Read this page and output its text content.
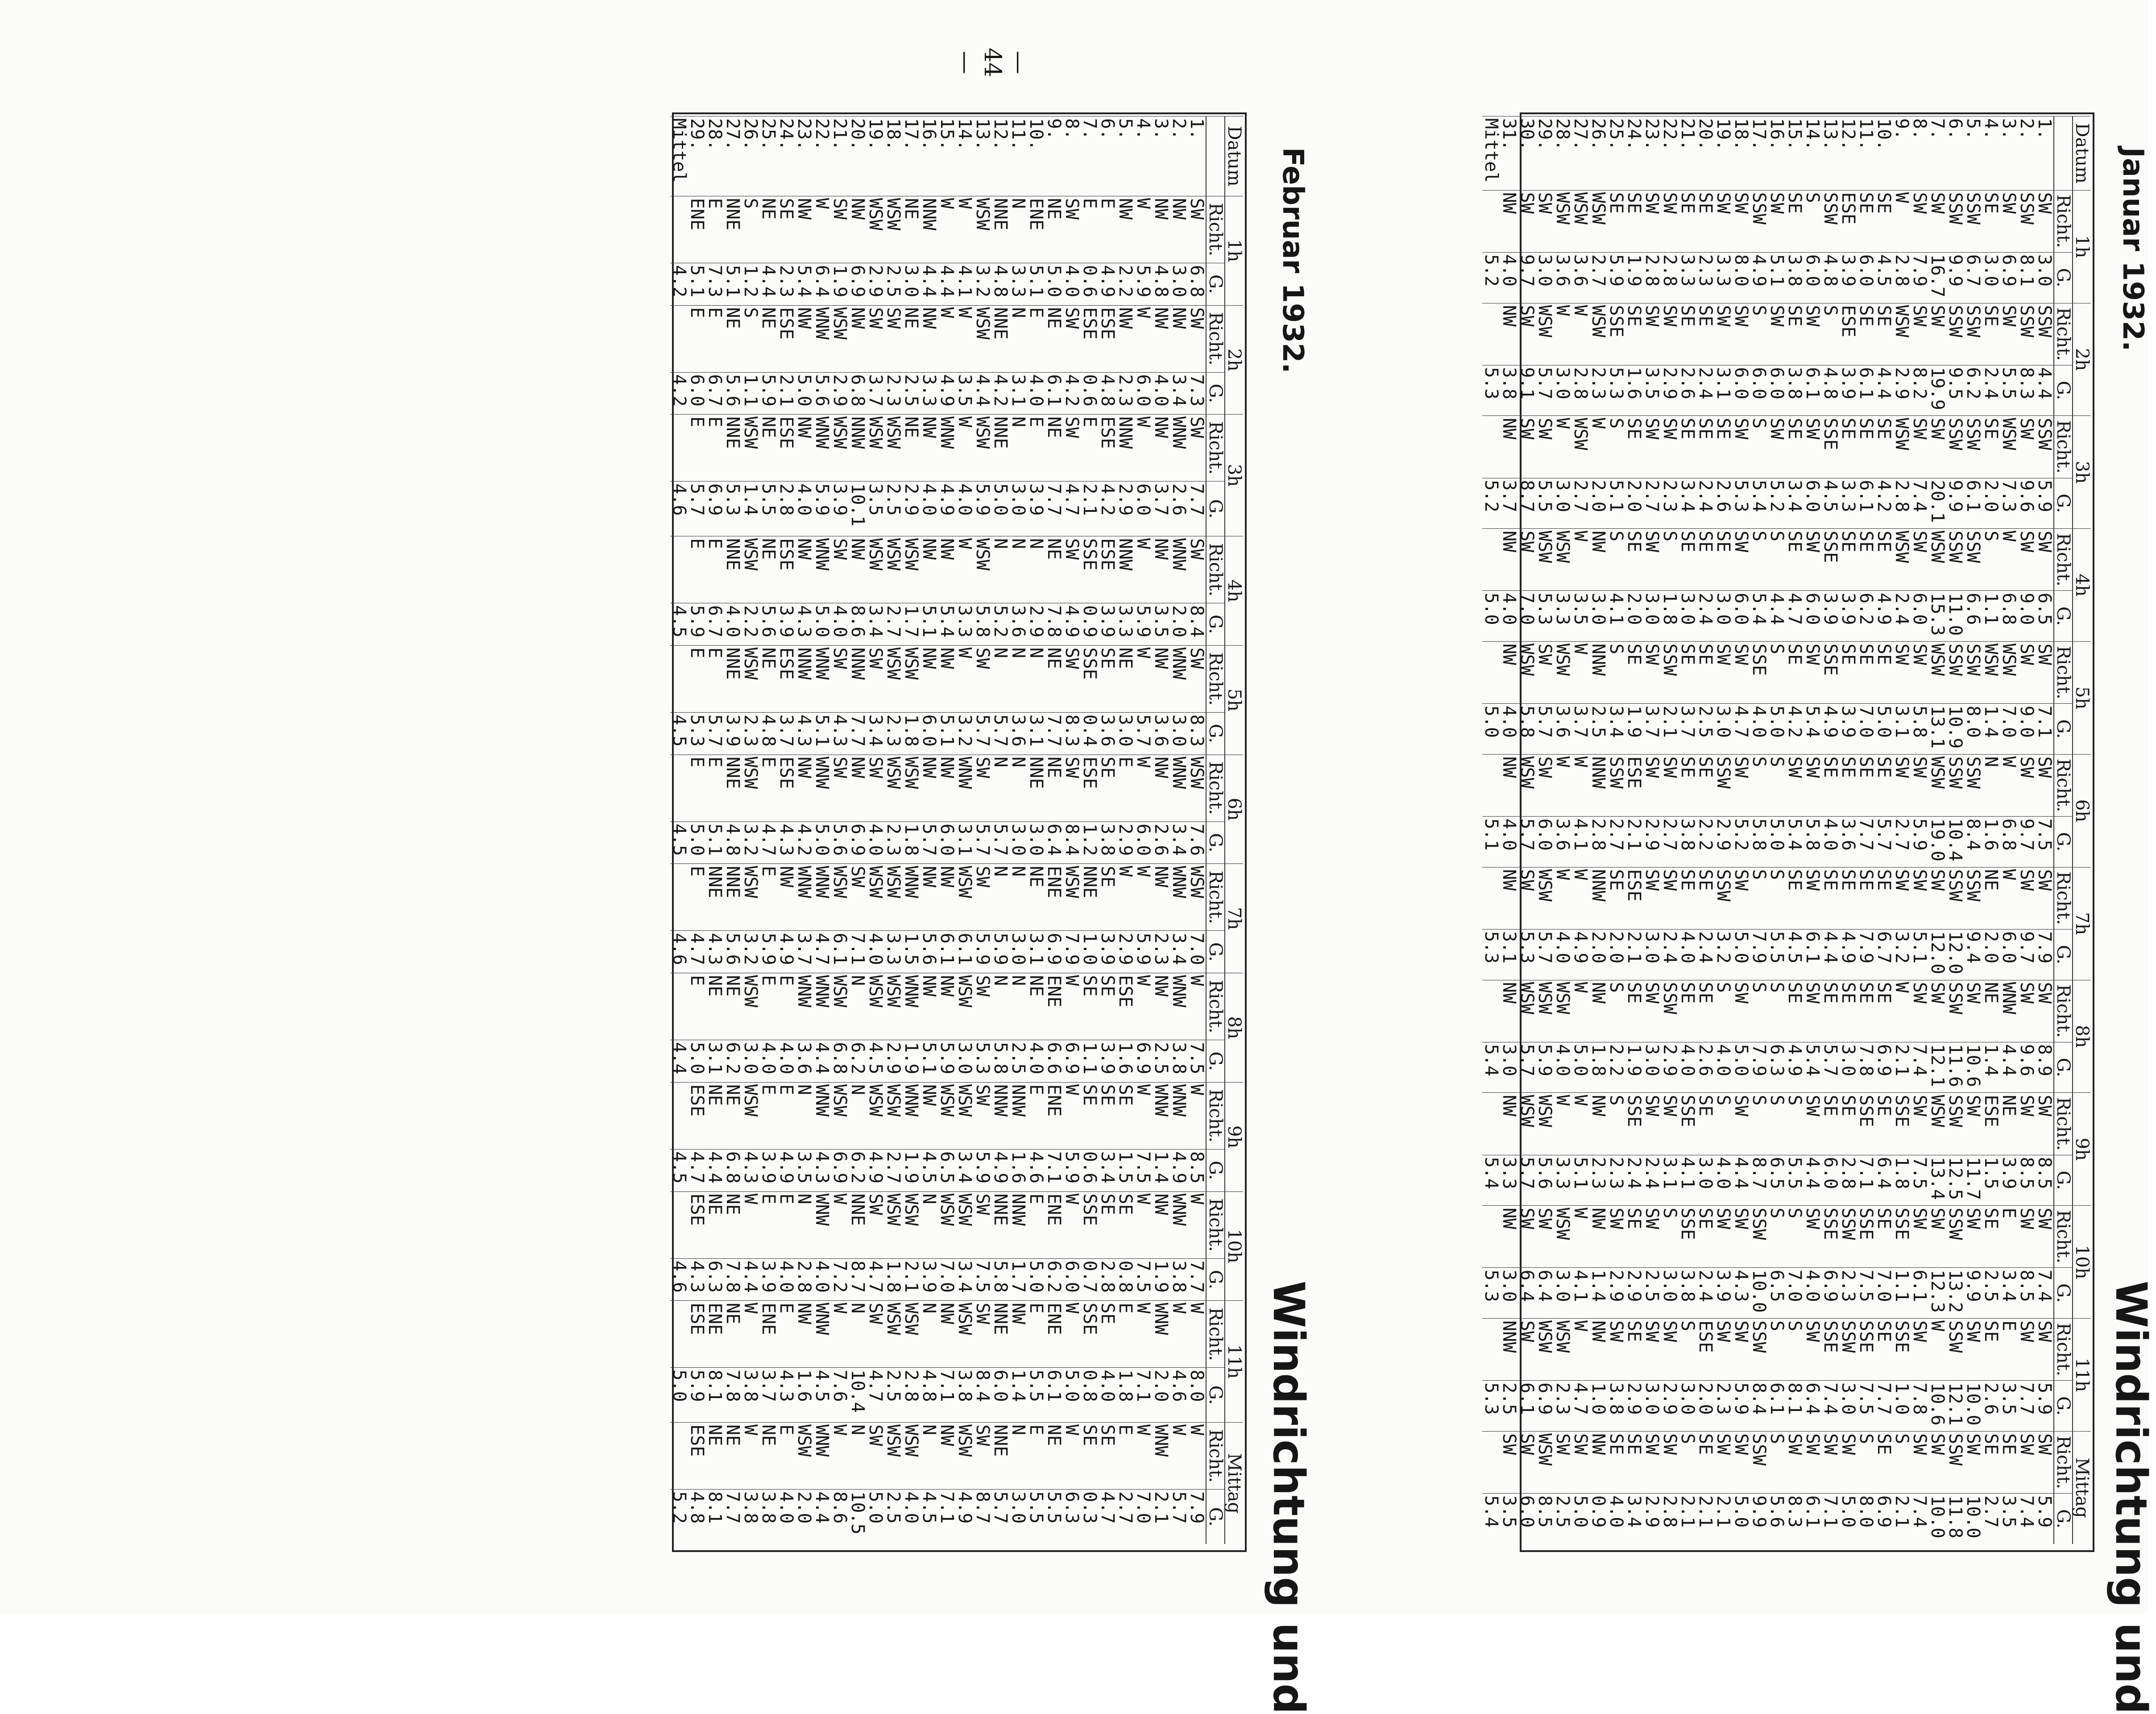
— 44 —
Januar 1932.
Windrichtung und
Datum	1h		2h		3h		4h		5h		6h		7h		8h		9h		10h		11h		Mittag	
	Richt.	G.	Richt.	G.	Richt.	G.	Richt.	G.	Richt.	G.	Richt.	G.	Richt.	G.	Richt.	G.	Richt.	G.	Richt.	G.	Richt.	G.	Richt.	G.
1.	SW	3.0	SSW	4.4	SSW	5.9	SW	6.5	SW	7.1	SW	7.5	SW	7.9	SW	8.9	SW	8.5	SW	7.4	SW	5.9	SW	5.9
2.	SSW	8.1	SSW	8.3	SW	9.6	SW	9.0	SW	9.0	SW	9.7	SW	9.7	SW	9.6	SW	8.5	SW	8.5	SW	7.7	SW	7.4
3.	SW	6.9	SW	5.5	WSW	7.3	W	6.8	WSW	7.0	W	6.8	W	6.0	WNW	4.4	NE	3.9	E	3.4	E	3.5	SE	3.5
4.	SE	3.0	SE	2.4	SE	2.0	S	1.1	WSW	1.4	N	1.6	NE	2.0	NE	1.4	ESE	1.5	SE	2.5	SE	2.6	SE	2.7
5.	SSW	6.7	SSW	6.2	SSW	6.1	SSW	6.6	SSW	8.0	SSW	8.4	SSW	9.4	SW	10.6	SW	11.7	SW	9.9	SW	10.0	SW	10.0
6.	SSW	9.9	SSW	9.5	SSW	9.9	SSW	11.0	SSW	10.9	SSW	10.4	SSW	12.0	SSW	11.6	SSW	12.5	SSW	13.2	SSW	12.1	SSW	11.8
7.	SW	16.7	SW	19.9	SW	20.1	WSW	15.3	WSW	13.1	WSW	19.0	SW	12.0	SW	12.1	WSW	13.4	SW	12.3	W	10.6	SW	10.0
8.	SW	7.9	SW	8.2	SW	7.4	SW	6.0	SW	5.8	SW	5.9	SW	5.1	SW	7.4	SW	7.5	SW	6.1	SW	7.8	SW	7.4
9.	W	2.8	WSW	2.9	WSW	2.8	WSW	2.4	SW	3.1	SW	2.7	SW	3.2	W	2.1	SSE	1.8	SSE	1.1	SSE	1.0	S	2.1
10.	SE	4.5	SE	4.4	SE	4.2	SE	4.9	SE	5.0	SE	5.7	SE	6.7	SE	6.9	SE	6.4	SE	7.0	SE	7.7	SE	6.9
11.	SE	6.0	SE	6.1	SE	6.1	SE	6.2	SE	7.0	SE	7.7	SE	7.9	SE	7.8	SSE	7.1	SSE	7.5	SSE	7.5	S	8.0
12.	ESE	3.9	ESE	3.9	SE	3.3	SE	3.9	SE	3.9	SE	3.6	SE	4.9	SE	3.0	SE	2.8	SSW	2.3	SSW	3.0	SW	5.0
13.	SSW	4.8	S	4.8	SSE	4.5	SSE	3.9	SSE	4.9	SE	4.0	SE	4.4	SE	5.7	SE	6.0	SSE	6.9	SSE	7.4	SW	7.1
14.	S	6.0	SW	6.1	SW	6.0	SW	6.0	SW	5.4	SW	5.8	SW	6.1	SW	5.4	SW	4.4	SW	4.0	SW	6.4	SW	6.1
15.	SE	3.8	SE	3.8	SE	3.4	SE	4.7	SE	4.2	SW	5.4	SE	4.5	SE	4.9	S	5.5	S	7.0	S	8.1	SW	8.3
16.	SW	5.1	SW	6.0	SW	5.2	S	4.4	S	5.0	S	5.0	S	5.5	S	6.3	S	6.5	S	6.5	S	6.1	S	5.6
17.	SSW	4.9	S	6.0	S	5.4	S	5.4	SSE	4.0	S	5.8	S	7.9	S	7.9	S	8.7	SSW	10.0	SSW	8.4	SSW	9.9
18.	SW	8.0	SW	6.0	SW	5.3	SW	6.0	SW	4.7	SW	5.2	SW	5.0	SW	5.0	SW	4.4	SW	4.3	SW	5.9	SW	5.0
19.	SW	3.3	SW	3.1	SE	2.6	SE	3.0	SW	3.0	SSW	2.9	SSW	3.2	S	4.0	S	4.0	SW	3.9	SW	2.3	SW	2.1
20.	SE	2.3	SE	2.4	SE	2.4	SE	2.4	SE	2.5	SE	2.2	SE	2.4	SE	2.6	SE	3.0	SE	2.4	ESE	2.0	SE	2.1
21.	SE	3.3	SE	2.6	SE	3.4	SE	3.0	SE	3.7	SE	3.8	SE	4.0	SE	4.0	SSE	4.1	SSE	3.8	S	3.0	S	2.1
22.	SW	2.8	SW	2.9	SW	2.3	S	1.8	SSW	2.1	SW	2.7	SW	2.4	SSW	2.9	SW	3.1	S	3.0	SW	2.9	SW	2.8
23.	SW	2.8	SW	3.5	SW	2.7	SW	3.0	SW	3.7	SW	2.9	SW	3.0	SW	3.0	SW	2.4	SW	2.5	SW	3.0	SW	2.9
24.	SE	1.9	SE	1.6	SE	2.0	SE	2.0	SE	1.9	ESE	2.1	ESE	2.1	SE	1.9	SSE	2.4	SE	2.9	SE	2.9	SE	3.4
25.	SE	5.9	SSE	5.3	S	5.1	S	4.1	S	3.4	SSW	2.7	SE	2.0	S	2.2	S	2.3	SW	2.9	SW	3.8	SE	4.0
26.	WSW	2.7	WSW	2.3	W	2.0	NW	3.0	NNW	2.5	NNW	2.8	NNW	2.0	NW	1.8	NW	2.3	NW	1.4	NW	1.0	NW	0.9
27.	WSW	3.6	W	2.8	WSW	2.7	W	3.5	W	3.7	W	4.1	W	4.9	W	5.0	W	5.1	W	4.1	W	4.7	SW	5.0
28.	WSW	3.6	W	3.0	W	3.0	WSW	3.3	WSW	3.6	W	3.6	W	4.0	WSW	4.0	W	3.3	WSW	3.0	WSW	2.3	SW	2.5
29.	SW	3.0	WSW	5.7	SW	5.5	WSW	5.3	SW	5.7	SW	6.0	WSW	5.7	WSW	5.9	WSW	5.6	SW	6.4	WSW	6.9	WSW	8.5
30.	SW	9.7	SW	9.1	SW	8.7	SW	7.0	WSW	5.8	WSW	5.7	SW	5.3	WSW	5.7	WSW	5.7	SW	6.4	SW	6.1	SW	6.0
31.	NW	4.0	NW	3.8	NW	3.7	NW	4.0	NW	4.0	NW	4.0	NW	3.1	NW	3.0	NW	3.3	NW	3.0	NNW	2.5	SW	3.5
Mittel		5.2		5.3		5.2		5.0		5.0		5.1		5.3		5.4		5.4		5.3		5.3		5.4
Februar 1932.
Windrichtung und
Datum	1h		2h		3h		4h		5h		6h		7h		8h		9h		10h		11h		Mittag	
	Richt.	G.	Richt.	G.	Richt.	G.	Richt.	G.	Richt.	G.	Richt.	G.	Richt.	G.	Richt.	G.	Richt.	G.	Richt.	G.	Richt.	G.	Richt.	G.
1.	SW	6.8	SW	7.3	SW	7.7	SW	8.4	SW	8.3	WSW	7.6	WSW	7.0	W	7.5	W	8.5	W	7.7	W	8.0	W	7.9
2.	NW	3.0	NW	3.4	WNW	2.6	WNW	2.0	WNW	3.0	WNW	3.4	WNW	3.4	WNW	3.8	WNW	4.9	WNW	3.8	W	4.6	W	5.7
3.	NW	4.8	NW	4.0	NW	3.7	NW	3.5	NW	3.6	NW	2.6	NW	2.3	NW	2.5	WNW	1.4	NW	1.9	WNW	2.0	WNW	2.1
4.	W	5.9	W	6.0	W	6.0	W	5.9	W	5.7	W	6.0	W	5.9	W	6.9	W	7.5	W	7.5	W	7.1	W	7.0
5.	NW	2.2	NW	2.3	NNW	2.9	NNW	3.3	NE	3.0	E	2.9	W	2.9	ESE	1.6	SE	1.5	SE	0.8	E	1.8	E	2.7
6.	E	4.9	ESE	4.8	ESE	4.2	ESE	3.9	SE	3.6	SE	3.8	SE	3.9	SE	3.9	SE	3.4	SE	2.8	SE	4.0	SE	4.7
7.	E	0.6	ESE	0.6	E	2.1	SSE	0.9	SSE	0.4	ESE	1.2	NNE	1.0	SE	1.1	SE	0.6	SSE	0.7	SSE	0.8	SE	0.3
8.	SW	4.0	SW	4.2	SW	4.7	SW	4.9	SW	8.3	SW	8.4	WSW	7.9	W	6.9	W	5.9	W	6.0	W	5.0	W	6.3
9.	NE	5.0	NE	6.1	NE	7.7	NE	7.8	NE	7.7	NE	6.4	ENE	6.9	ENE	6.6	ENE	7.1	ENE	6.2	ENE	6.1	NE	5.5
10.	ENE	5.1	E	4.0	E	3.9	N	2.9	N	3.1	NNE	3.0	NE	3.1	NE	4.0	E	4.6	E	5.0	E	5.5	E	5.5
11.	N	3.3	N	3.1	N	3.0	N	3.6	N	3.6	N	3.0	N	3.0	N	2.5	NNW	1.6	NNW	1.7	NW	1.4	N	3.0
12.	NNE	4.8	NNE	4.2	NNE	5.0	N	5.2	N	5.7	N	5.7	N	5.9	N	5.8	NNW	4.9	NNE	5.8	NNE	6.0	NNE	5.7
13.	WSW	3.2	WSW	4.4	WSW	5.9	WSW	5.8	SW	5.7	SW	5.7	SW	5.9	SW	5.3	SW	5.9	SW	7.5	SW	8.4	SW	8.7
14.	W	4.1	W	3.5	W	4.0	W	3.3	W	3.2	WNW	3.1	WSW	6.1	WSW	3.0	WSW	3.4	WSW	3.4	WSW	3.8	WSW	4.9
15.	W	4.4	W	4.9	WNW	4.9	NW	5.4	NW	5.1	NW	6.0	NW	6.1	NW	5.9	WSW	6.5	WSW	7.0	NW	7.1	NW	7.1
16.	NNW	4.4	NW	3.3	NW	4.0	NW	5.1	NW	6.0	NW	5.7	NW	5.6	NW	5.1	NW	4.5	N	3.9	N	4.8	N	4.5
17.	NE	3.0	NE	2.5	NE	2.9	WSW	1.7	WSW	1.8	WSW	1.8	WNW	1.5	WNW	1.9	WNW	1.9	WSW	2.1	WSW	2.8	WSW	4.0
18.	WSW	2.5	SW	2.3	WSW	2.5	WSW	2.7	WSW	2.3	WSW	2.3	WSW	3.3	WSW	2.9	WSW	2.7	WSW	1.8	WSW	2.5	WSW	2.5
19.	WSW	2.9	SW	3.7	WSW	3.5	WSW	3.4	SW	3.4	SW	4.0	WSW	4.0	WSW	4.5	WSW	4.9	SW	4.7	SW	4.7	SW	5.0
20.	NW	6.9	NW	6.8	NNW	10.1	NW	8.6	NNW	7.7	NW	6.9	SW	7.1	N	6.2	N	6.2	NNE	8.7	N	10.4	N	10.5
21.	SW	1.9	WSW	2.9	WSW	3.9	SW	4.0	SW	4.3	SW	5.6	WSW	6.1	WSW	6.8	WSW	6.9	W	7.2	W	7.6	W	8.6
22.	W	6.4	WNW	5.6	WNW	5.9	WNW	5.0	WNW	5.1	WNW	5.0	WNW	4.7	WNW	4.4	WNW	4.3	WNW	4.0	WNW	4.5	WNW	4.4
23.	NW	5.4	NW	5.0	NW	4.0	NW	4.3	NNW	4.3	NW	4.2	WNW	3.7	WNW	3.6	N	3.5	N	2.8	NW	1.6	WSW	2.0
24.	SE	2.3	ESE	2.1	ESE	2.8	ESE	3.9	ESE	3.7	ESE	4.3	NW	4.9	E	4.0	E	4.9	E	4.0	E	4.3	E	4.0
25.	NE	4.4	NE	5.9	NE	5.5	NE	5.6	NE	4.8	E	4.7	E	5.9	E	4.0	E	3.9	E	3.9	ENE	3.7	NE	3.8
26.	S	1.2	S	1.1	WSW	1.4	WSW	2.2	WSW	2.3	WSW	3.2	WSW	3.2	WSW	3.0	WSW	4.3	W	4.4	W	3.8	W	3.8
27.	NNE	5.1	NE	5.6	NNE	5.3	NNE	4.0	NNE	3.9	NNE	4.8	NNE	5.6	NE	6.2	NE	6.8	NE	7.8	NE	7.8	NE	7.7
28.	E	7.3	E	6.7	E	6.9	E	6.7	E	5.7	E	5.1	NNE	4.3	NE	3.1	NE	4.4	NE	6.3	ENE	8.1	NE	8.1
29.	ENE	5.1	E	6.0	E	5.7	E	5.9	E	5.3	E	5.0	E	4.7	E	5.0	ESE	4.7	ESE	4.3	ESE	5.9	ESE	4.8
Mittel		4.2		4.2		4.6		4.5		4.5		4.5		4.6		4.4		4.5		4.6		5.0		5.2
